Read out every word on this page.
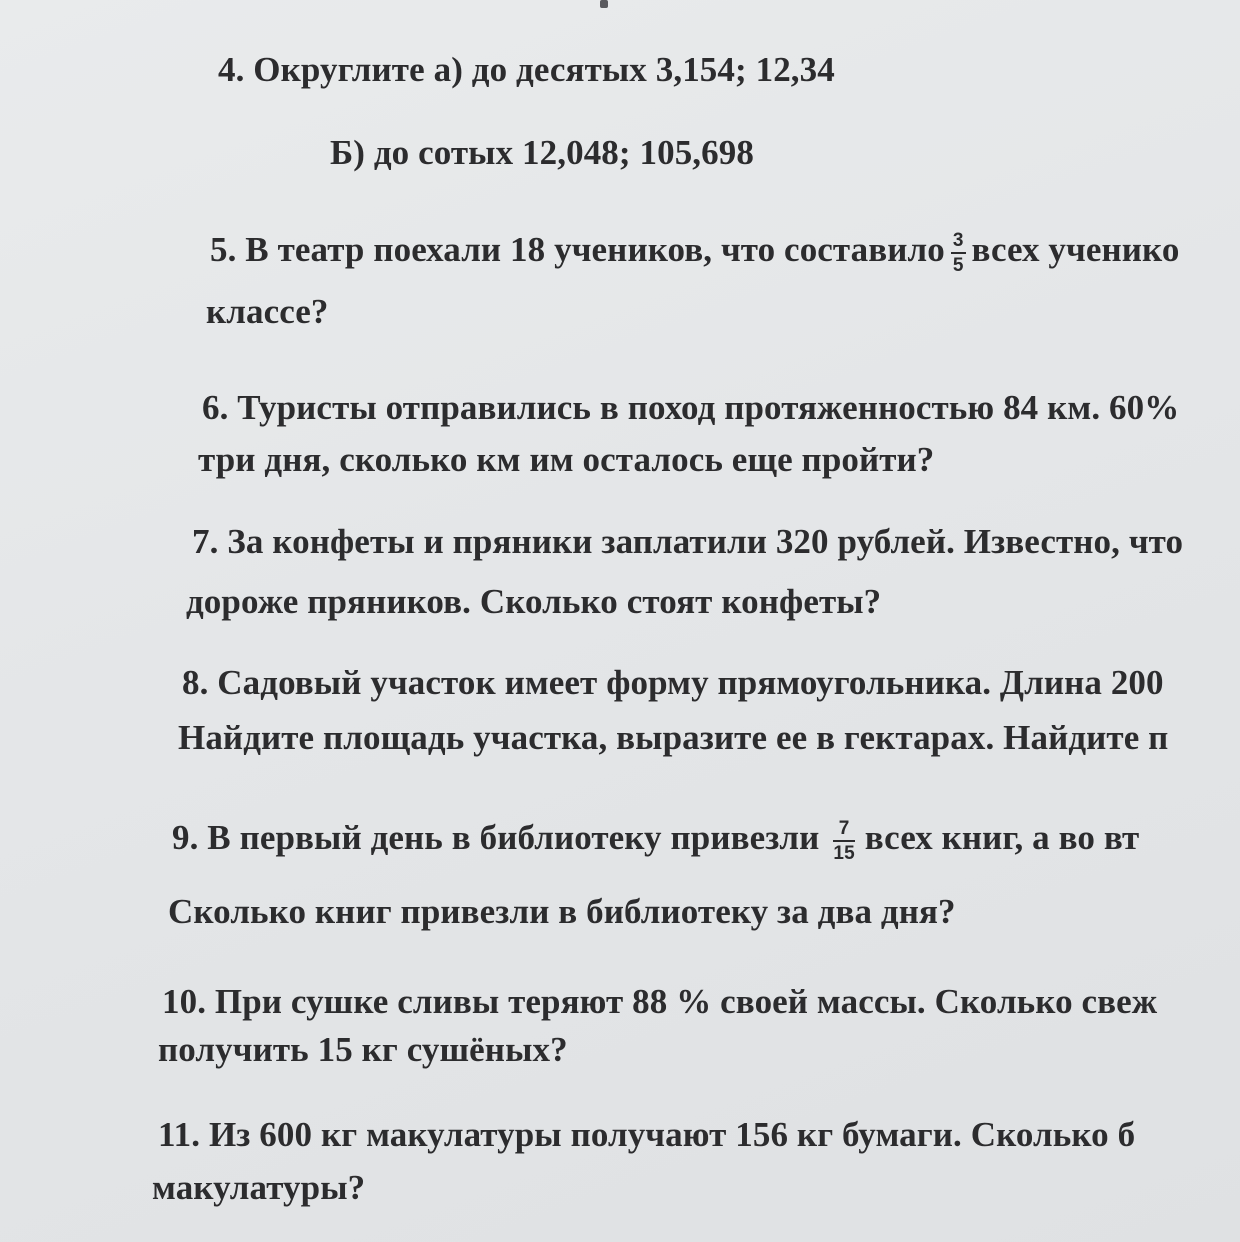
4. Округлите а) до десятых 3,154; 12,34
Б) до сотых 12,048; 105,698
5. В театр поехали 18 учеников, что составило $\frac{3}{5}$ всех ученико
классе?
6. Туристы отправились в поход протяженностью 84 км. 60%
три дня, сколько км им осталось еще пройти?
7. За конфеты и пряники заплатили 320 рублей. Известно, что
дороже пряников. Сколько стоят конфеты?
8. Садовый участок имеет форму прямоугольника. Длина 200
Найдите площадь участка, выразите ее в гектарах. Найдите п
9. В первый день в библиотеку привезли $\frac{7}{15}$ всех книг, а во вт
Сколько книг привезли в библиотеку за два дня?
10. При сушке сливы теряют 88 % своей массы. Сколько свеж
получить 15 кг сушёных?
11. Из 600 кг макулатуры получают 156 кг бумаги. Сколько б
макулатуры?
